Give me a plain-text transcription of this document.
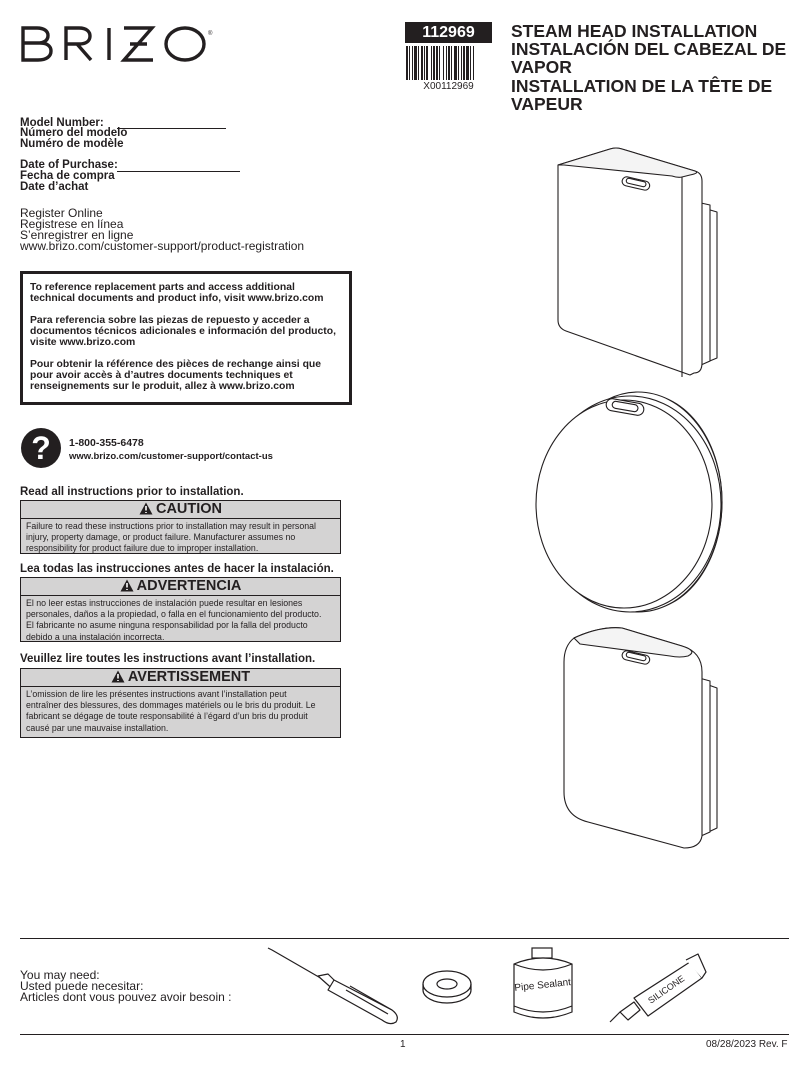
®	112969
X00112969
STEAM HEAD INSTALLATION
INSTALACIÓN DEL CABEZAL DE
VAPOR
INSTALLATION DE LA TÊTE DE
VAPEUR
Model Number:
Número del modelo
Numéro de modèle
Date of Purchase:
Fecha de compra
Date d’achat
Register Online
Registrese en línea
S’enregistrer en ligne
www.brizo.com/customer-support/product-registration

To reference replacement parts and access additional technical documents and product info, visit www.brizo.com

Para referencia sobre las piezas de repuesto y acceder a documentos técnicos adicionales e información del producto, visite www.brizo.com

Pour obtenir la référence des pièces de rechange ainsi que pour avoir accès à d’autres documents techniques et renseignements sur le produit, allez à www.brizo.com

?	1-800-355-6478
www.brizo.com/customer-support/contact-us
Read all instructions prior to installation.
CAUTION
Failure to read these instructions prior to installation may result in personal
injury, property damage, or product failure. Manufacturer assumes no
responsibility for product failure due to improper installation.
Lea todas las instrucciones antes de hacer la instalación.
ADVERTENCIA
El no leer estas instrucciones de instalación puede resultar en lesiones
personales, daños a la propiedad, o falla en el funcionamiento del producto.
El fabricante no asume ninguna responsabilidad por la falla del producto
debido a una instalación incorrecta.
Veuillez lire toutes les instructions avant l’installation.
AVERTISSEMENT
L’omission de lire les présentes instructions avant l’installation peut
entraîner des blessures, des dommages matériels ou le bris du produit. Le
fabricant se dégage de toute responsabilité à l’égard d’un bris du produit
causé par une mauvaise installation.
You may need:
Usted puede necesitar:
Articles dont vous pouvez avoir besoin :
Pipe Sealant	SILICONE
1	08/28/2023 Rev. F
